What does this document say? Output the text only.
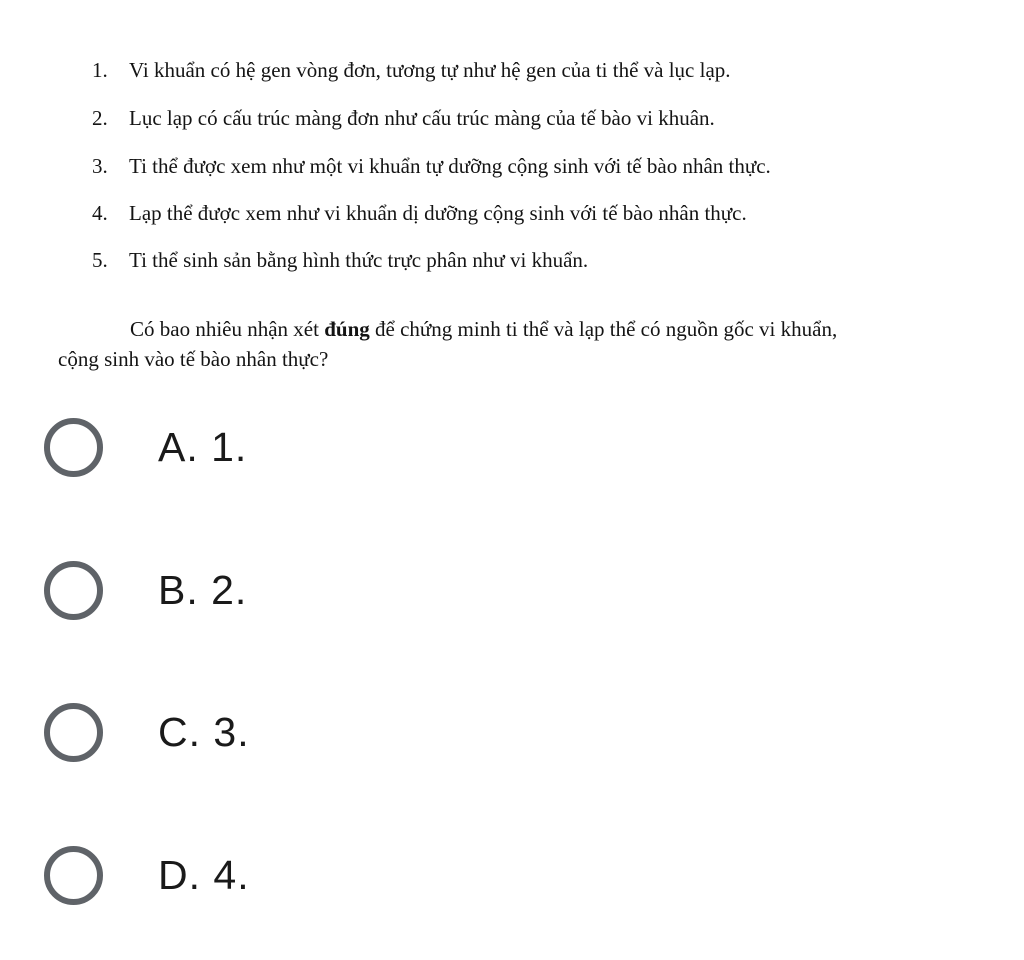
1. Vi khuẩn có hệ gen vòng đơn, tương tự như hệ gen của ti thể và lục lạp.
2. Lục lạp có cấu trúc màng đơn như cấu trúc màng của tế bào vi khuân.
3. Ti thể được xem như một vi khuẩn tự dưỡng cộng sinh với tế bào nhân thực.
4. Lạp thể được xem như vi khuẩn dị dưỡng cộng sinh với tế bào nhân thực.
5. Ti thể sinh sản bằng hình thức trực phân như vi khuẩn.

Có bao nhiêu nhận xét đúng để chứng minh ti thể và lạp thể có nguồn gốc vi khuẩn,
cộng sinh vào tế bào nhân thực?

A. 1.
B. 2.
C. 3.
D. 4.
